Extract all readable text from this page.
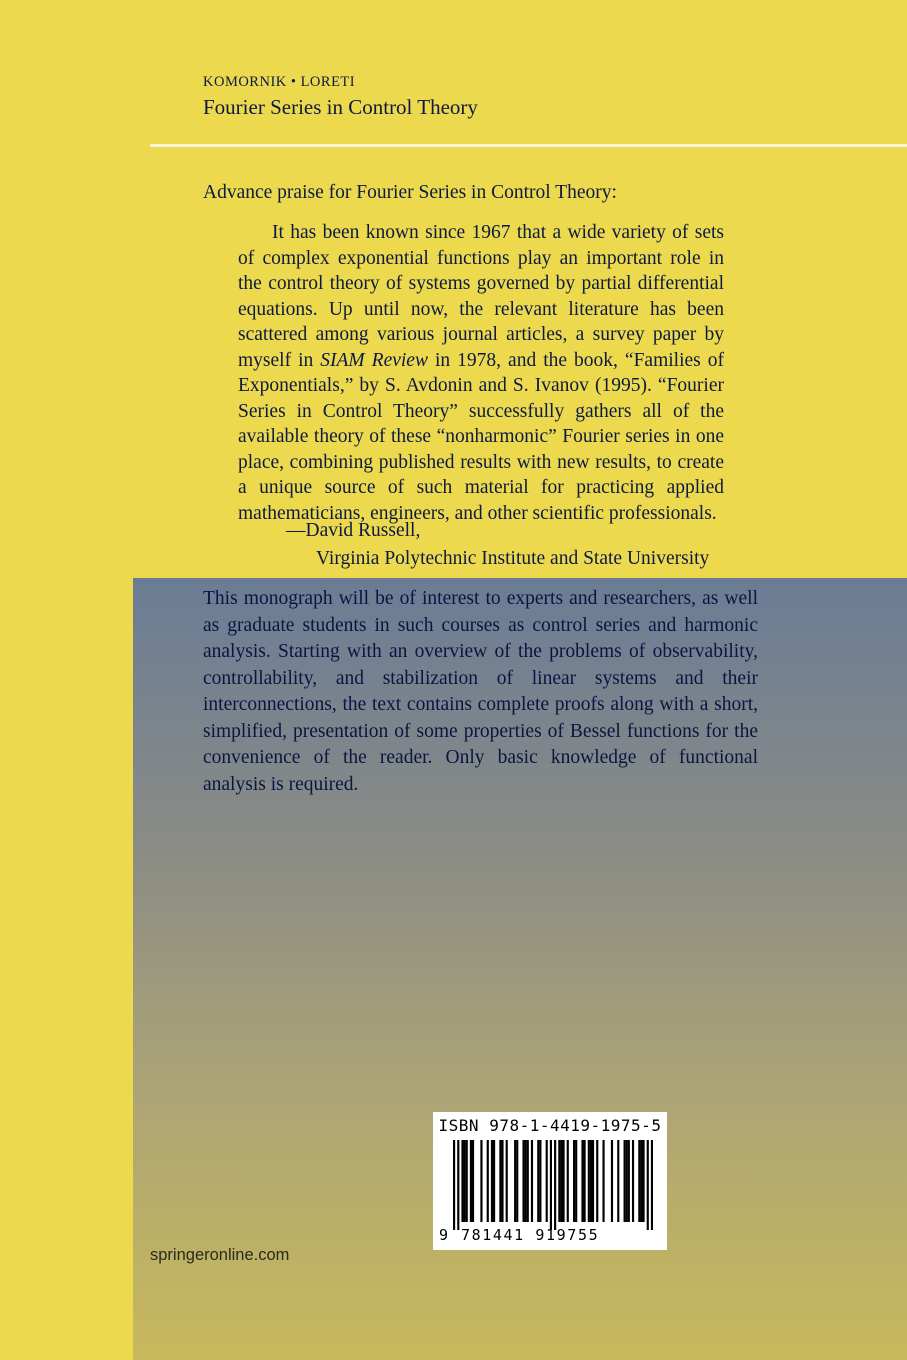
KOMORNIK • LORETI

Fourier Series in Control Theory

Advance praise for Fourier Series in Control Theory:

It has been known since 1967 that a wide variety of sets of complex exponential functions play an important role in the control theory of systems governed by partial differential equations. Up until now, the relevant literature has been scattered among various journal articles, a survey paper by myself in SIAM Review in 1978, and the book, “Families of Exponentials,” by S. Avdonin and S. Ivanov (1995). “Fourier Series in Control Theory” successfully gathers all of the available theory of these “nonharmonic” Fourier series in one place, combining published results with new results, to create a unique source of such material for practicing applied mathematicians, engineers, and other scientific professionals.

—David Russell,

Virginia Polytechnic Institute and State University

This monograph will be of interest to experts and researchers, as well as graduate students in such courses as control series and harmonic analysis. Starting with an overview of the problems of observability, controllability, and stabilization of linear systems and their interconnections, the text contains complete proofs along with a short, simplified, presentation of some properties of Bessel functions for the convenience of the reader. Only basic knowledge of functional analysis is required.

ISBN 978-1-4419-1975-5

9 781441 919755

springeronline.com
